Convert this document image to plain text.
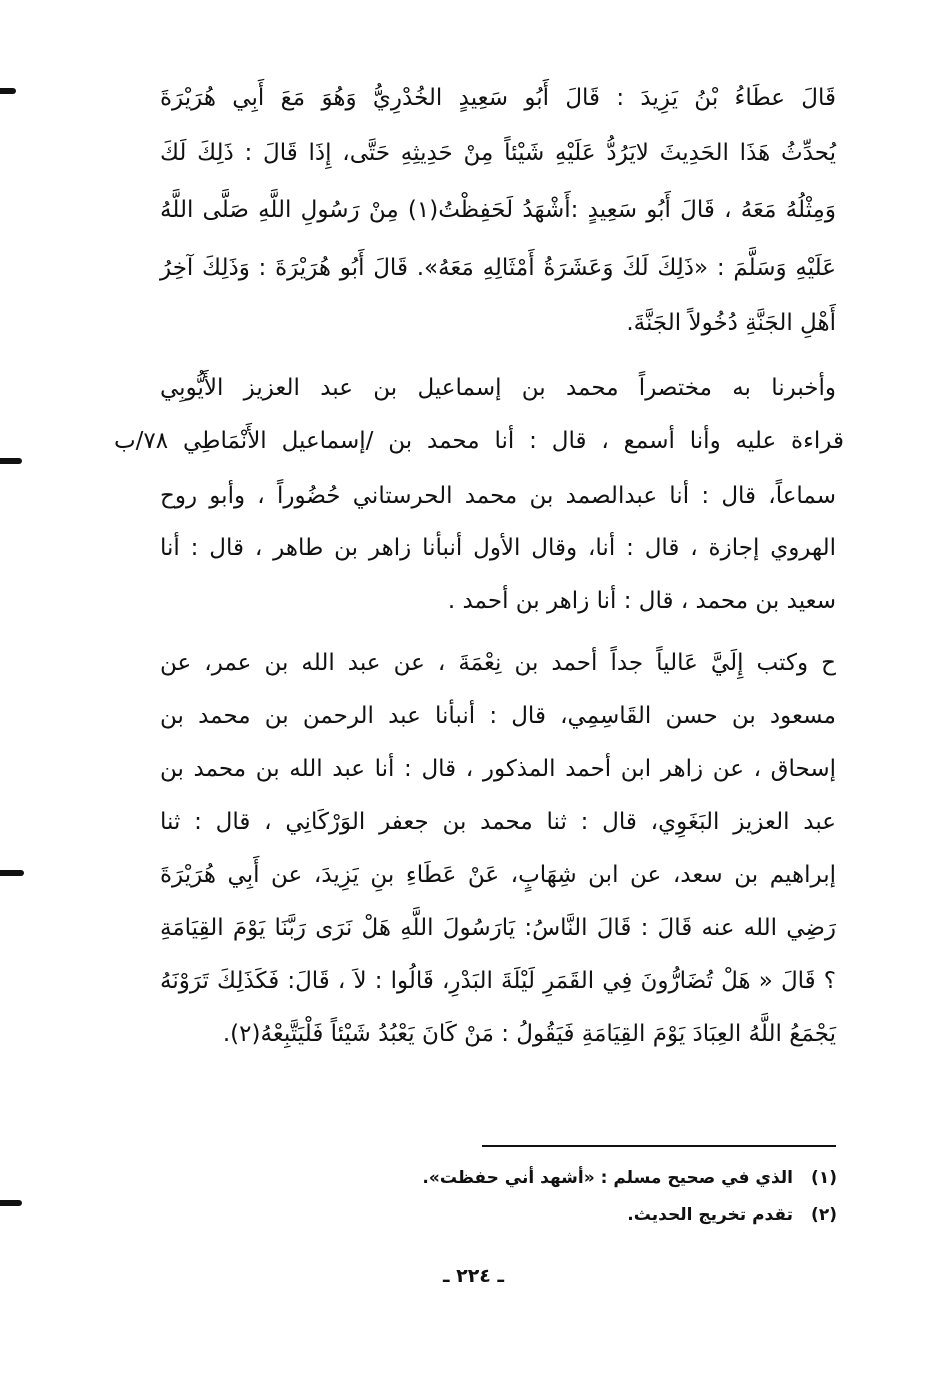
قَالَ عطَاءُ بْنُ يَزِيدَ : قَالَ أَبُو سَعِيدٍ الخُدْرِيُّ وَهُوَ مَعَ أَبِي هُرَيْرَةَ
يُحدِّثُ هَذَا الحَدِيثَ لايَرُدُّ عَلَيْهِ شَيْئاً مِنْ حَدِيثِهِ حَتَّى، إِذَا قَالَ : ذَلِكَ لَكَ
وَمِثْلُهُ مَعَهُ ، قَالَ أَبُو سَعِيدٍ :أَشْهَدُ لَحَفِظْتُ(١) مِنْ رَسُولِ اللَّهِ صَلَّى اللَّهُ
عَلَيْهِ وَسَلَّمَ : «ذَلِكَ لَكَ وَعَشَرَةُ أَمْثَالِهِ مَعَهُ». قَالَ أَبُو هُرَيْرَةَ : وَذَلِكَ آخِرُ
أَهْلِ الجَنَّةِ دُخُولاً الجَنَّةَ.
وأخبرنا به مختصراً محمد بن إسماعيل بن عبد العزيز الأَيُّوبِي
قراءة عليه وأنا أسمع ، قال : أنا محمد بن /إسماعيل الأَنْمَاطِي ٧٨/ب
سماعاً، قال : أنا عبدالصمد بن محمد الحرستاني حُضُوراً ، وأبو روح
الهروي إجازة ، قال : أنا، وقال الأول أنبأنا زاهر بن طاهر ، قال : أنا
سعيد بن محمد ، قال : أنا زاهر بن أحمد .
ح وكتب إِلَيَّ عَالياً جداً أحمد بن نِعْمَةَ ، عن عبد الله بن عمر، عن
مسعود بن حسن القَاسِمِي، قال : أنبأنا عبد الرحمن بن محمد بن
إسحاق ، عن زاهر ابن أحمد المذكور ، قال : أنا عبد الله بن محمد بن
عبد العزيز البَغَوِي، قال : ثنا محمد بن جعفر الوَرْكَانِي ، قال : ثنا
إبراهيم بن سعد، عن ابن شِهَابٍ، عَنْ عَطَاءِ بنِ يَزِيدَ، عن أَبِي هُرَيْرَةَ
رَضِي الله عنه قَالَ : قَالَ النَّاسُ: يَارَسُولَ اللَّهِ هَلْ نَرَى رَبَّنَا يَوْمَ القِيَامَةِ
؟ قَالَ « هَلْ تُضَارُّونَ فِي القَمَرِ لَيْلَةَ البَدْرِ، قَالُوا : لاَ ، قَالَ: فَكَذَلِكَ تَرَوْنَهُ
يَجْمَعُ اللَّهُ العِبَادَ يَوْمَ القِيَامَةِ فَيَقُولُ : مَنْ كَانَ يَعْبُدُ شَيْئاً فَلْيَتَّبِعْهُ(٢).
(١)الذي في صحيح مسلم : «أشهد أني حفظت».
(٢)تقدم تخريج الحديث.
ـ ٢٢٤ ـ
